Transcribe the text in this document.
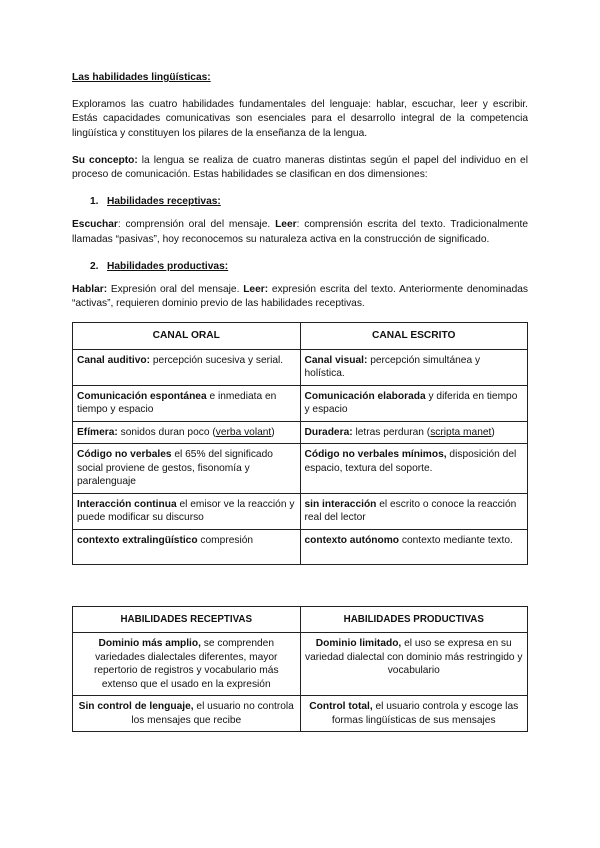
Las habilidades lingüísticas:

Exploramos las cuatro habilidades fundamentales del lenguaje: hablar, escuchar, leer y escribir. Estás capacidades comunicativas son esenciales para el desarrollo integral de la competencia lingüística y constituyen los pilares de la enseñanza de la lengua.

Su concepto: la lengua se realiza de cuatro maneras distintas según el papel del individuo en el proceso de comunicación. Estas habilidades se clasifican en dos dimensiones:

1. Habilidades receptivas:

Escuchar: comprensión oral del mensaje. Leer: comprensión escrita del texto. Tradicionalmente llamadas “pasivas”, hoy reconocemos su naturaleza activa en la construcción de significado.

2. Habilidades productivas:

Hablar: Expresión oral del mensaje. Leer: expresión escrita del texto. Anteriormente denominadas “activas”, requieren dominio previo de las habilidades receptivas.

CANAL ORAL	CANAL ESCRITO
Canal auditivo: percepción sucesiva y serial.	Canal visual: percepción simultánea y holística.
Comunicación espontánea e inmediata en tiempo y espacio	Comunicación elaborada y diferida en tiempo y espacio
Efímera: sonidos duran poco (verba volant)	Duradera: letras perduran (scripta manet)
Código no verbales el 65% del significado social proviene de gestos, fisonomía y paralenguaje	Código no verbales mínimos, disposición del espacio, textura del soporte.
Interacción continua el emisor ve la reacción y puede modificar su discurso	sin interacción el escrito o conoce la reacción real del lector
contexto extralingüístico compresión	contexto autónomo contexto mediante texto.
HABILIDADES RECEPTIVAS	HABILIDADES PRODUCTIVAS
Dominio más amplio, se comprenden variedades dialectales diferentes, mayor repertorio de registros y vocabulario más extenso que el usado en la expresión	Dominio limitado, el uso se expresa en su variedad dialectal con dominio más restringido y vocabulario
Sin control de lenguaje, el usuario no controla los mensajes que recibe	Control total, el usuario controla y escoge las formas lingüísticas de sus mensajes
